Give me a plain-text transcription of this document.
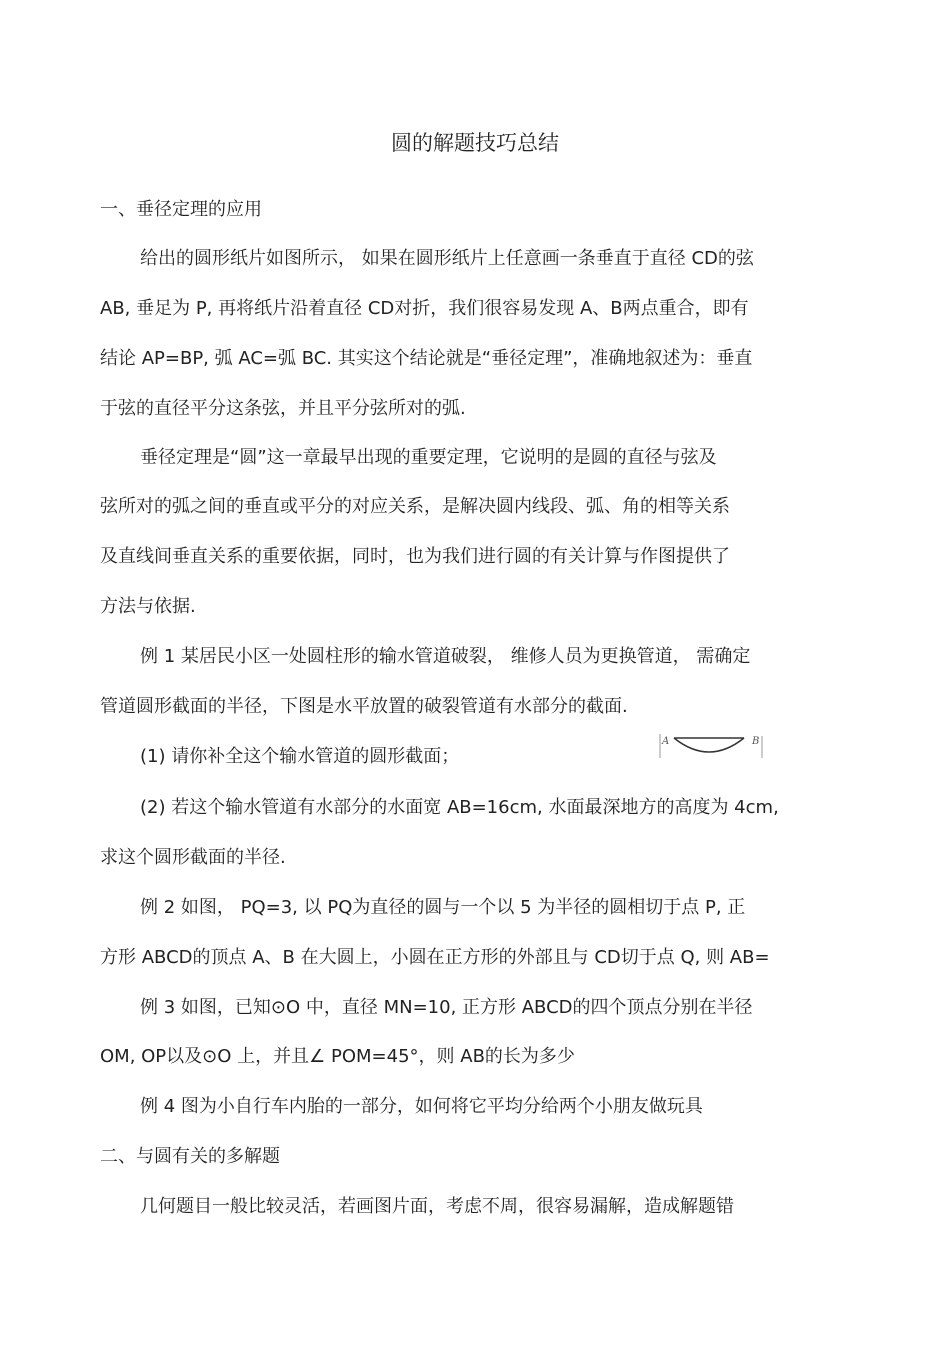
圆的解题技巧总结
一、垂径定理的应用
给出的圆形纸片如图所示， 如果在圆形纸片上任意画一条垂直于直径 CD的弦
AB, 垂足为 P, 再将纸片沿着直径 CD对折，我们很容易发现 A、B两点重合，即有
结论 AP=BP, 弧 AC=弧 BC. 其实这个结论就是“垂径定理”，准确地叙述为：垂直
于弦的直径平分这条弦，并且平分弦所对的弧.
垂径定理是“圆”这一章最早出现的重要定理，它说明的是圆的直径与弦及
弦所对的弧之间的垂直或平分的对应关系，是解决圆内线段、弧、角的相等关系
及直线间垂直关系的重要依据，同时，也为我们进行圆的有关计算与作图提供了
方法与依据.
例 1 某居民小区一处圆柱形的输水管道破裂， 维修人员为更换管道， 需确定
管道圆形截面的半径，下图是水平放置的破裂管道有水部分的截面.
(1) 请你补全这个输水管道的圆形截面；
A	B
(2) 若这个输水管道有水部分的水面宽 AB=16cm, 水面最深地方的高度为 4cm,
求这个圆形截面的半径.
例 2 如图， PQ=3, 以 PQ为直径的圆与一个以 5 为半径的圆相切于点 P, 正
方形 ABCD的顶点 A、B 在大圆上，小圆在正方形的外部且与 CD切于点 Q, 则 AB=
例 3 如图，已知⊙O 中，直径 MN=10, 正方形 ABCD的四个顶点分别在半径
OM, OP以及⊙O 上，并且∠ POM=45°，则 AB的长为多少
例 4 图为小自行车内胎的一部分，如何将它平均分给两个小朋友做玩具
二、与圆有关的多解题
几何题目一般比较灵活，若画图片面，考虑不周，很容易漏解，造成解题错
